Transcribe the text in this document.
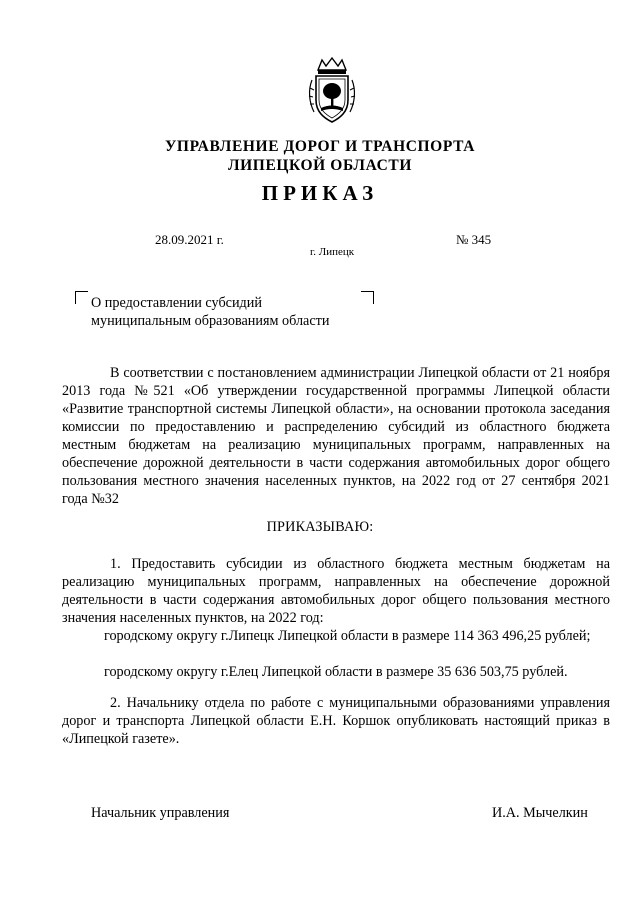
УПРАВЛЕНИЕ ДОРОГ И ТРАНСПОРТА
ЛИПЕЦКОЙ ОБЛАСТИ
ПРИКАЗ
28.09.2021 г.	№ 345
г. Липецк
О предоставлении субсидий
муниципальным образованиям области

В соответствии с постановлением администрации Липецкой области от 21 ноября 2013 года №521 «Об утверждении государственной программы Липецкой области «Развитие транспортной системы Липецкой области», на основании протокола заседания комиссии по предоставлению и распределению субсидий из областного бюджета местным бюджетам на реализацию муниципальных программ, направленных на обеспечение дорожной деятельности в части содержания автомобильных дорог общего пользования местного значения населенных пунктов, на 2022 год от 27 сентября 2021 года №32

ПРИКАЗЫВАЮ:

1. Предоставить субсидии из областного бюджета местным бюджетам на реализацию муниципальных программ, направленных на обеспечение дорожной деятельности в части содержания автомобильных дорог общего пользования местного значения населенных пунктов, на 2022 год:

городскому округу г.Липецк Липецкой области в размере 114 363 496,25 рублей;

городскому округу г.Елец Липецкой области в размере 35 636 503,75 рублей.

2. Начальнику отдела по работе с муниципальными образованиями управления дорог и транспорта Липецкой области Е.Н. Коршок опубликовать настоящий приказ в «Липецкой газете».

Начальник управления	И.А. Мычелкин
